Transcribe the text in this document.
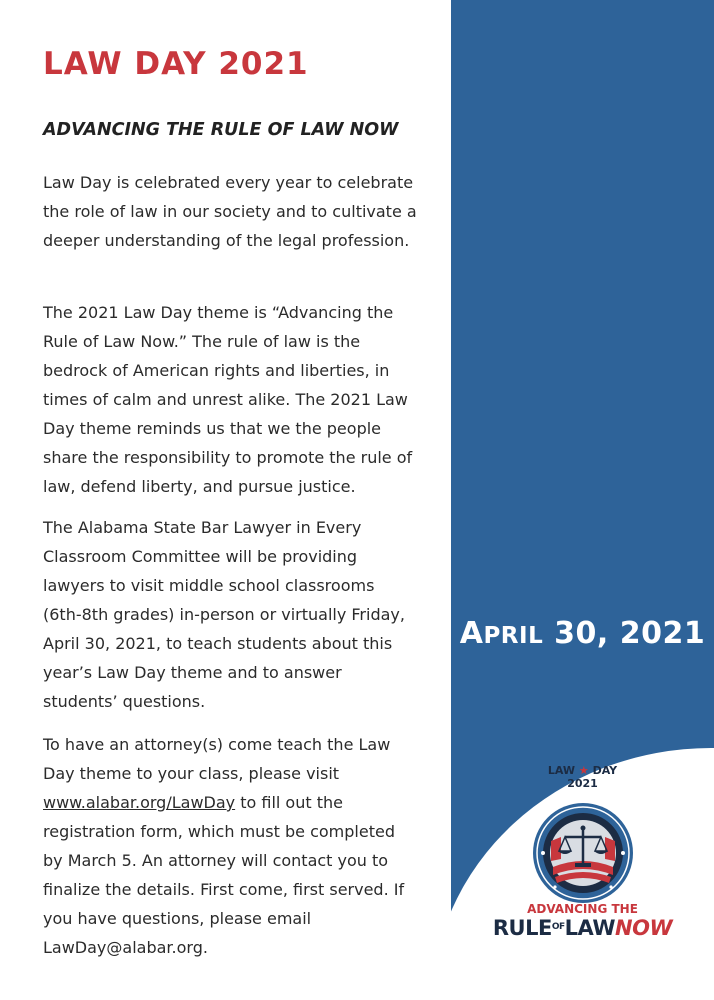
LAW DAY 2021
ADVANCING THE RULE OF LAW NOW
Law Day is celebrated every year to celebrate the role of law in our society and to cultivate a deeper understanding of the legal profession.
The 2021 Law Day theme is “Advancing the Rule of Law Now.” The rule of law is the bedrock of American rights and liberties, in times of calm and unrest alike. The 2021 Law Day theme reminds us that we the people share the responsibility to promote the rule of law, defend liberty, and pursue justice.
The Alabama State Bar Lawyer in Every Classroom Committee will be providing lawyers to visit middle school classrooms (6th-8th grades) in-person or virtually Friday, April 30, 2021, to teach students about this year’s Law Day theme and to answer students’ questions.
To have an attorney(s) come teach the Law Day theme to your class, please visit www.alabar.org/LawDay to fill out the registration form, which must be completed by March 5. An attorney will contact you to finalize the details. First come, first served. If you have questions, please email LawDay@alabar.org.
APRIL 30, 2021
LAW ★ DAY
2021
ADVANCING THE
$RULE^{OF}LAWNOW$
